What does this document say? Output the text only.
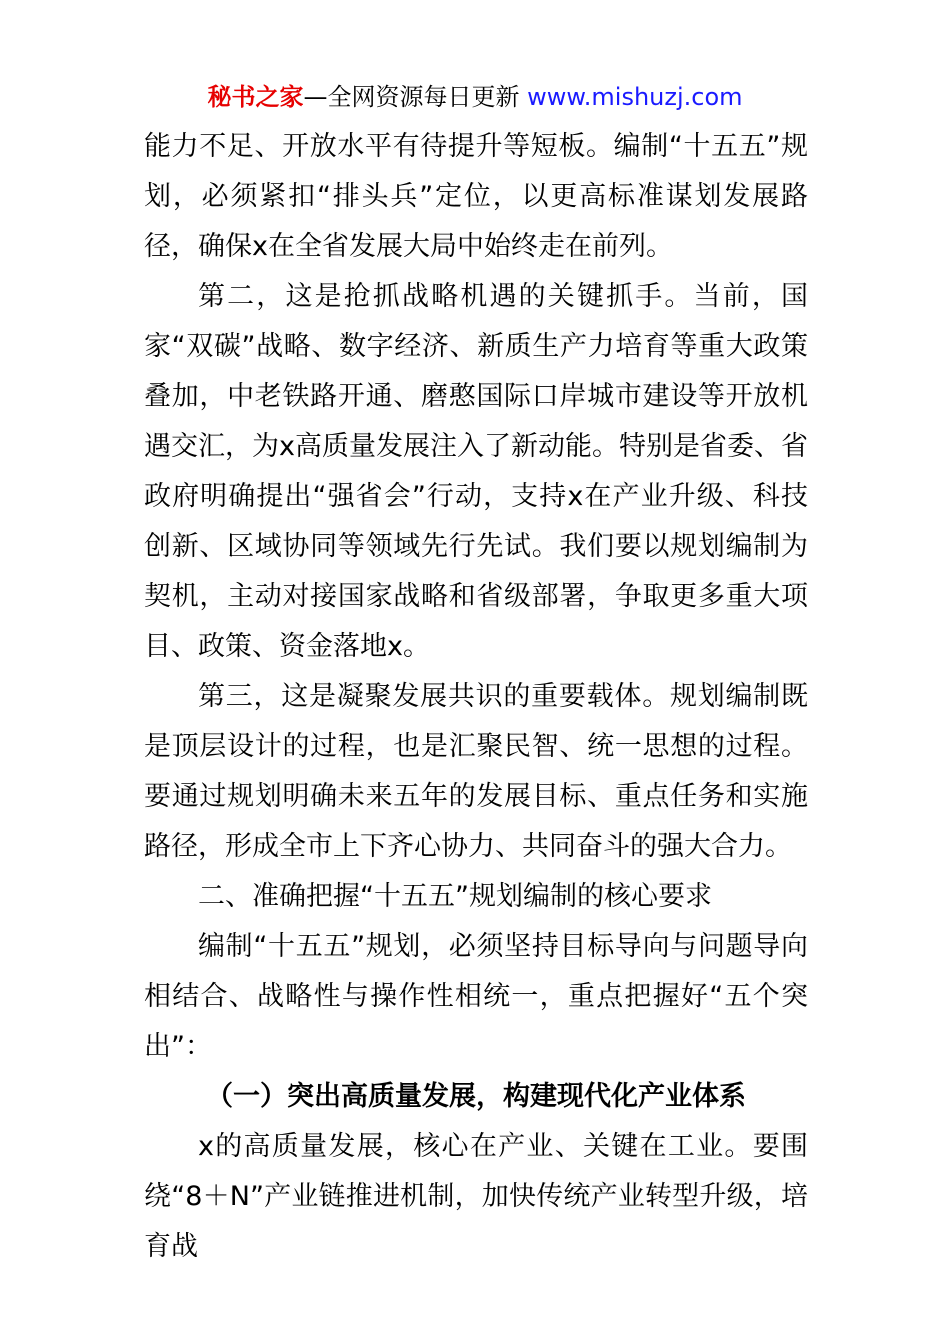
秘书之家—全网资源每日更新 www.mishuzj.com

能力不足、开放水平有待提升等短板。编制“十五五”规划，必须紧扣“排头兵”定位，以更高标准谋划发展路径，确保x在全省发展大局中始终走在前列。

第二，这是抢抓战略机遇的关键抓手。当前，国家“双碳”战略、数字经济、新质生产力培育等重大政策叠加，中老铁路开通、磨憨国际口岸城市建设等开放机遇交汇，为x高质量发展注入了新动能。特别是省委、省政府明确提出“强省会”行动，支持x在产业升级、科技创新、区域协同等领域先行先试。我们要以规划编制为契机，主动对接国家战略和省级部署，争取更多重大项目、政策、资金落地x。

第三，这是凝聚发展共识的重要载体。规划编制既是顶层设计的过程，也是汇聚民智、统一思想的过程。要通过规划明确未来五年的发展目标、重点任务和实施路径，形成全市上下齐心协力、共同奋斗的强大合力。

二、准确把握“十五五”规划编制的核心要求

编制“十五五”规划，必须坚持目标导向与问题导向相结合、战略性与操作性相统一，重点把握好“五个突出”：

（一）突出高质量发展，构建现代化产业体系

x的高质量发展，核心在产业、关键在工业。要围绕“8＋N”产业链推进机制，加快传统产业转型升级，培育战
